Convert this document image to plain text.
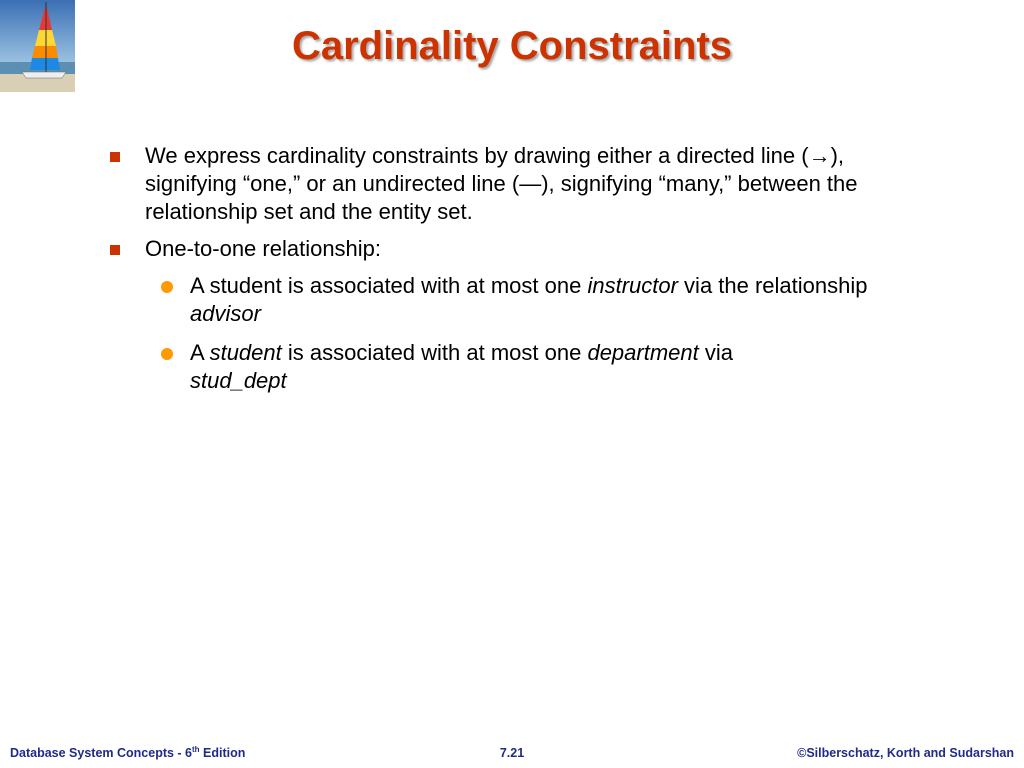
Cardinality Constraints
We express cardinality constraints by drawing either a directed line (→), signifying “one,” or an undirected line (—), signifying “many,” between the relationship set and the entity set.
One-to-one relationship:
A student is associated with at most one instructor via the relationship advisor
A student is associated with at most one department via
stud_dept
Database System Concepts - 6th Edition	7.21	©Silberschatz, Korth and Sudarshan
